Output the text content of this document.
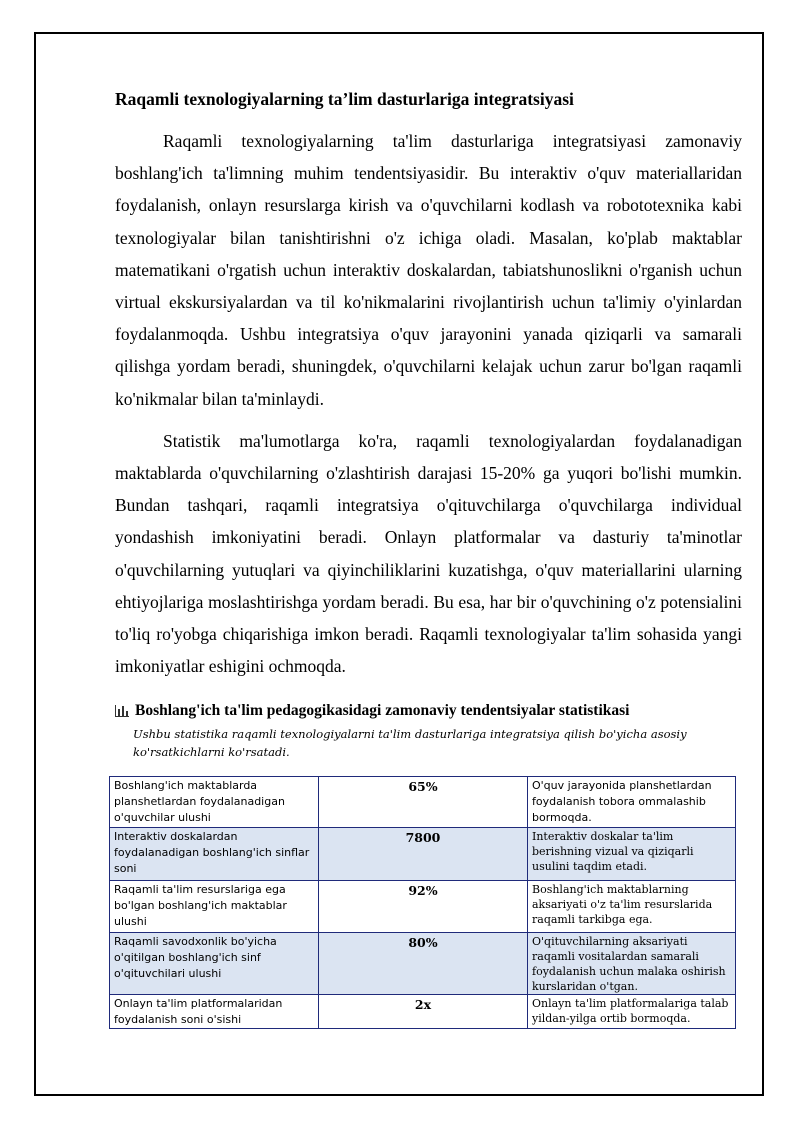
Raqamli texnologiyalarning ta’lim dasturlariga integratsiyasi

Raqamli texnologiyalarning ta'lim dasturlariga integratsiyasi zamonaviy boshlang'ich ta'limning muhim tendentsiyasidir. Bu interaktiv o'quv materiallaridan foydalanish, onlayn resurslarga kirish va o'quvchilarni kodlash va robototexnika kabi texnologiyalar bilan tanishtirishni o'z ichiga oladi. Masalan, ko'plab maktablar matematikani o'rgatish uchun interaktiv doskalardan, tabiatshunoslikni o'rganish uchun virtual ekskursiyalardan va til ko'nikmalarini rivojlantirish uchun ta'limiy o'yinlardan foydalanmoqda. Ushbu integratsiya o'quv jarayonini yanada qiziqarli va samarali qilishga yordam beradi, shuningdek, o'quvchilarni kelajak uchun zarur bo'lgan raqamli ko'nikmalar bilan ta'minlaydi.

Statistik ma'lumotlarga ko'ra, raqamli texnologiyalardan foydalanadigan maktablarda o'quvchilarning o'zlashtirish darajasi 15-20% ga yuqori bo'lishi mumkin. Bundan tashqari, raqamli integratsiya o'qituvchilarga o'quvchilarga individual yondashish imkoniyatini beradi. Onlayn platformalar va dasturiy ta'minotlar o'quvchilarning yutuqlari va qiyinchiliklarini kuzatishga, o'quv materiallarini ularning ehtiyojlariga moslashtirishga yordam beradi. Bu esa, har bir o'quvchining o'z potensialini to'liq ro'yobga chiqarishiga imkon beradi. Raqamli texnologiyalar ta'lim sohasida yangi imkoniyatlar eshigini ochmoqda.

Boshlang'ich ta'lim pedagogikasidagi zamonaviy tendentsiyalar statistikasi
Ushbu statistika raqamli texnologiyalarni ta'lim dasturlariga integratsiya qilish bo'yicha asosiy ko'rsatkichlarni ko'rsatadi.
Boshlang'ich maktablarda planshetlardan foydalanadigan o'quvchilar ulushi	65%	O'quv jarayonida planshetlardan foydalanish tobora ommalashib bormoqda.
Interaktiv doskalardan foydalanadigan boshlang'ich sinflar soni	7800	Interaktiv doskalar ta'lim berishning vizual va qiziqarli usulini taqdim etadi.
Raqamli ta'lim resurslariga ega bo'lgan boshlang'ich maktablar ulushi	92%	Boshlang'ich maktablarning aksariyati o'z ta'lim resurslarida raqamli tarkibga ega.
Raqamli savodxonlik bo'yicha o'qitilgan boshlang'ich sinf o'qituvchilari ulushi	80%	O'qituvchilarning aksariyati raqamli vositalardan samarali foydalanish uchun malaka oshirish kurslaridan o'tgan.
Onlayn ta'lim platformalaridan foydalanish soni o'sishi	2x	Onlayn ta'lim platformalariga talab yildan-yilga ortib bormoqda.
